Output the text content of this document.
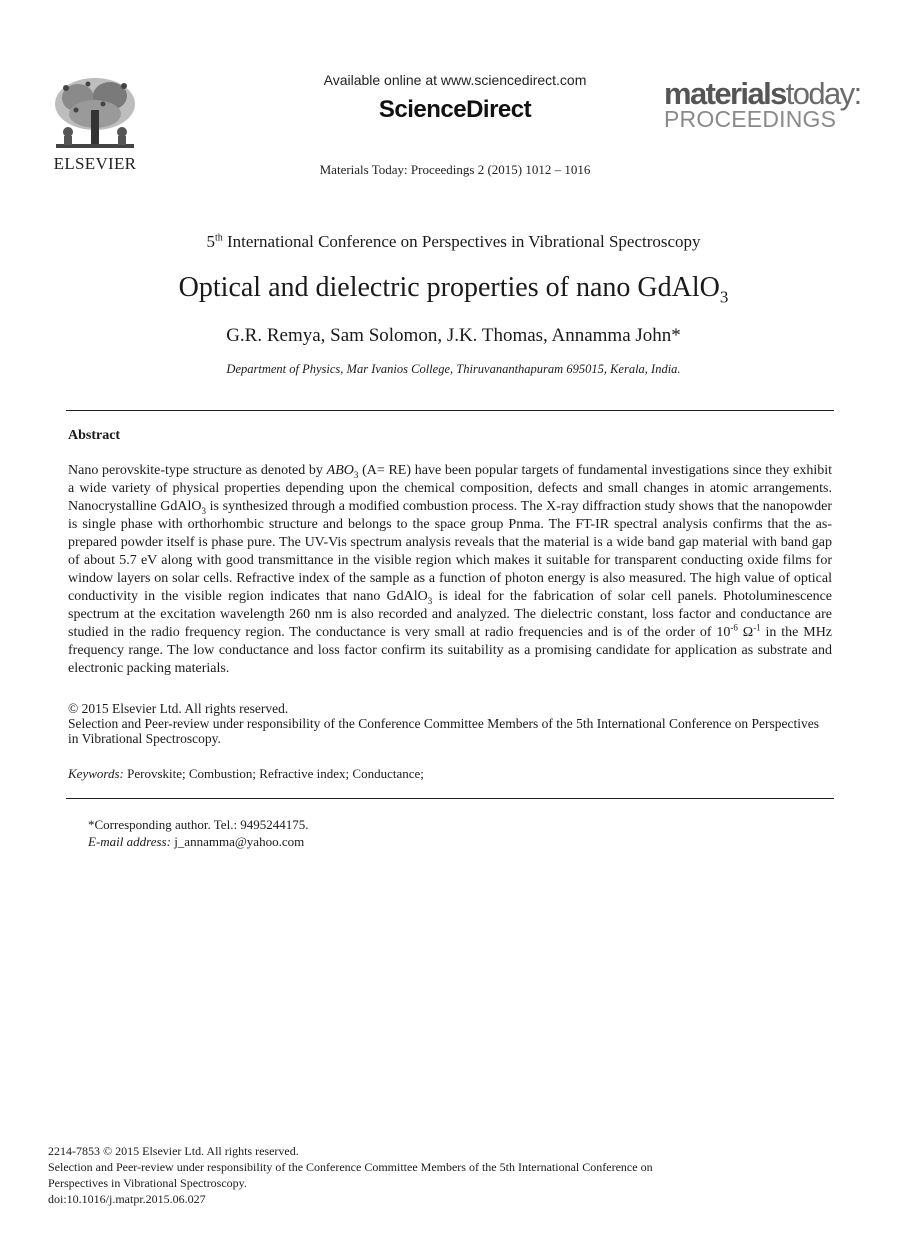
ELSEVIER
Available online at www.sciencedirect.com
ScienceDirect
Materials Today: Proceedings 2 (2015) 1012 – 1016
materialstoday:
PROCEEDINGS
5th International Conference on Perspectives in Vibrational Spectroscopy
Optical and dielectric properties of nano GdAlO$_3$
G.R. Remya, Sam Solomon, J.K. Thomas, Annamma John*
Department of Physics, Mar Ivanios College, Thiruvananthapuram 695015, Kerala, India.
Abstract
Nano perovskite-type structure as denoted by $ABO_3$ (A= RE) have been popular targets of fundamental investigations since they exhibit a wide variety of physical properties depending upon the chemical composition, defects and small changes in atomic arrangements. Nanocrystalline GdAlO$_3$ is synthesized through a modified combustion process. The X-ray diffraction study shows that the nanopowder is single phase with orthorhombic structure and belongs to the space group Pnma. The FT-IR spectral analysis confirms that the as-prepared powder itself is phase pure. The UV-Vis spectrum analysis reveals that the material is a wide band gap material with band gap of about 5.7 eV along with good transmittance in the visible region which makes it suitable for transparent conducting oxide films for window layers on solar cells. Refractive index of the sample as a function of photon energy is also measured. The high value of optical conductivity in the visible region indicates that nano GdAlO$_3$ is ideal for the fabrication of solar cell panels. Photoluminescence spectrum at the excitation wavelength 260 nm is also recorded and analyzed. The dielectric constant, loss factor and conductance are studied in the radio frequency region. The conductance is very small at radio frequencies and is of the order of $10^{-6}$ $\Omega^{-1}$ in the MHz frequency range. The low conductance and loss factor confirm its suitability as a promising candidate for application as substrate and electronic packing materials.
© 2015 Elsevier Ltd. All rights reserved.
Selection and Peer-review under responsibility of the Conference Committee Members of the 5th International Conference on Perspectives in Vibrational Spectroscopy.
Keywords: Perovskite; Combustion; Refractive index; Conductance;
*Corresponding author. Tel.: 9495244175.
E-mail address: j_annamma@yahoo.com
2214-7853 © 2015 Elsevier Ltd. All rights reserved.
Selection and Peer-review under responsibility of the Conference Committee Members of the 5th International Conference on
Perspectives in Vibrational Spectroscopy.
doi:10.1016/j.matpr.2015.06.027
